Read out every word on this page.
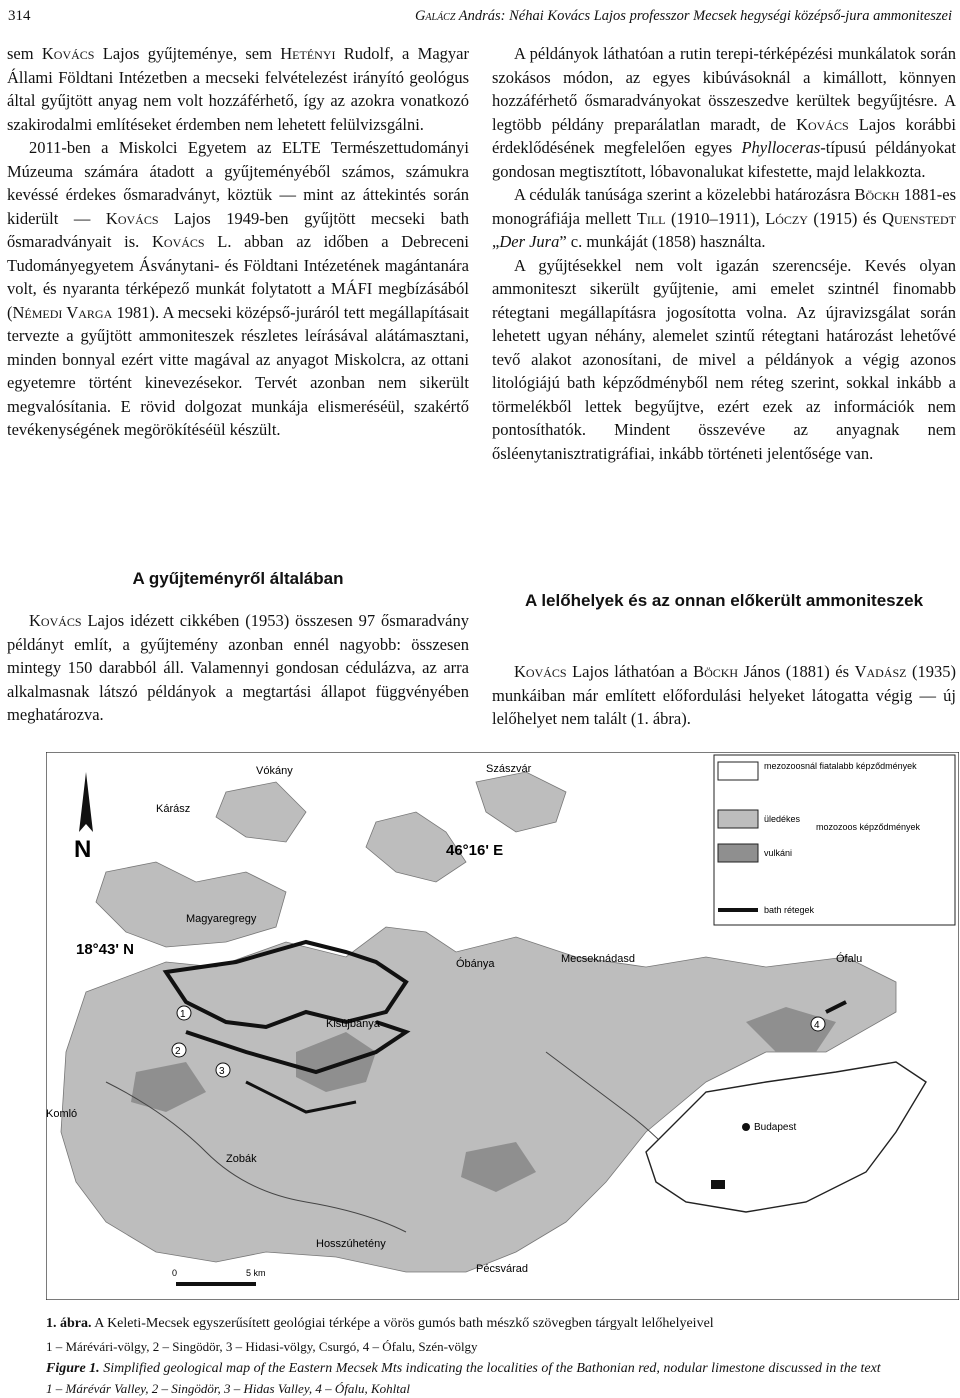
314	Galácz András: Néhai Kovács Lajos professzor Mecsek hegységi középső-jura ammoniteszei

sem Kovács Lajos gyűjteménye, sem Hetényi Rudolf, a Magyar Állami Földtani Intézetben a mecseki felvételezést irányító geológus által gyűjtött anyag nem volt hozzáférhető, így az azokra vonatkozó szakirodalmi említéseket érdemben nem lehetett felülvizsgálni.

2011-ben a Miskolci Egyetem az ELTE Természettudományi Múzeuma számára átadott a gyűjteményéből számos, számukra kevéssé érdekes ősmaradványt, köztük — mint az áttekintés során kiderült — Kovács Lajos 1949-ben gyűjtött mecseki bath ősmaradványait is. Kovács L. abban az időben a Debreceni Tudományegyetem Ásványtani- és Földtani Intézetének magántanára volt, és nyaranta térképező munkát folytatott a MÁFI megbízásából (Némedi Varga 1981). A mecseki középső-juráról tett megállapításait tervezte a gyűjtött ammoniteszek részletes leírásával alátámasztani, minden bonnyal ezért vitte magával az anyagot Miskolcra, az ottani egyetemre történt kinevezésekor. Tervét azonban nem sikerült megvalósítania. E rövid dolgozat munkája elismeréséül, szakértő tevékenységének megörökítéséül készült.

A gyűjteményről általában

Kovács Lajos idézett cikkében (1953) összesen 97 ősmaradvány példányt említ, a gyűjtemény azonban ennél nagyobb: összesen mintegy 150 darabból áll. Valamennyi gondosan cédulázva, az arra alkalmasnak látszó példányok a megtartási állapot függvényében meghatározva.

A példányok láthatóan a rutin terepi-térképézési munkálatok során szokásos módon, az egyes kibúvásoknál a kimállott, könnyen hozzáférhető ősmaradványokat összeszedve kerültek begyűjtésre. A legtöbb példány preparálatlan maradt, de Kovács Lajos korábbi érdeklődésének megfelelően egyes Phylloceras-típusú példányokat gondosan megtisztított, lóbavonalukat kifestette, majd lelakkozta.

A cédulák tanúsága szerint a közelebbi határozásra Böckh 1881-es monográfiája mellett Till (1910–1911), Lóczy (1915) és Quenstedt „Der Jura” c. munkáját (1858) használta.

A gyűjtésekkel nem volt igazán szerencséje. Kevés olyan ammoniteszt sikerült gyűjtenie, ami emelet szintnél finomabb rétegtani megállapításra jogosította volna. Az újravizsgálat során lehetett ugyan néhány, alemelet szintű rétegtani határozást lehetővé tevő alakot azonosítani, de mivel a példányok a végig azonos litológiájú bath képződményből nem réteg szerint, sokkal inkább a törmelékből lettek begyűjtve, ezért ezek az információk nem pontosíthatók. Mindent összevéve az anyagnak nem ősléenytanisztratigráfiai, inkább történeti jelentősége van.

A lelőhelyek és az onnan előkerült ammoniteszek

Kovács Lajos láthatóan a Böckh János (1881) és Vadász (1935) munkáiban már említett előfordulási helyeket látogatta végig — új lelőhelyet nem talált (1. ábra).

N	46°16' E
18°43' N
Szászvár
Vókány
Kárász
Magyaregregy
Óbánya	Mecseknádasd	Ófalu
Kisújbánya
Komló
Zobák
Hosszúhetény
Pécsvárad
1
2
3
4
0	5 km
mezozoosnál fiatalabb képződmények
üledékes
mozozoos képződmények
vulkáni
bath rétegek
Budapest
1. ábra. A Keleti-Mecsek egyszerűsített geológiai térképe a vörös gumós bath mészkő szövegben tárgyalt lelőhelyeivel
1 – Márévári-völgy, 2 – Singödör, 3 – Hidasi-völgy, Csurgó, 4 – Ófalu, Szén-völgy
Figure 1. Simplified geological map of the Eastern Mecsek Mts indicating the localities of the Bathonian red, nodular limestone discussed in the text
1 – Márévár Valley, 2 – Singödör, 3 – Hidas Valley, 4 – Ófalu, Kohltal
